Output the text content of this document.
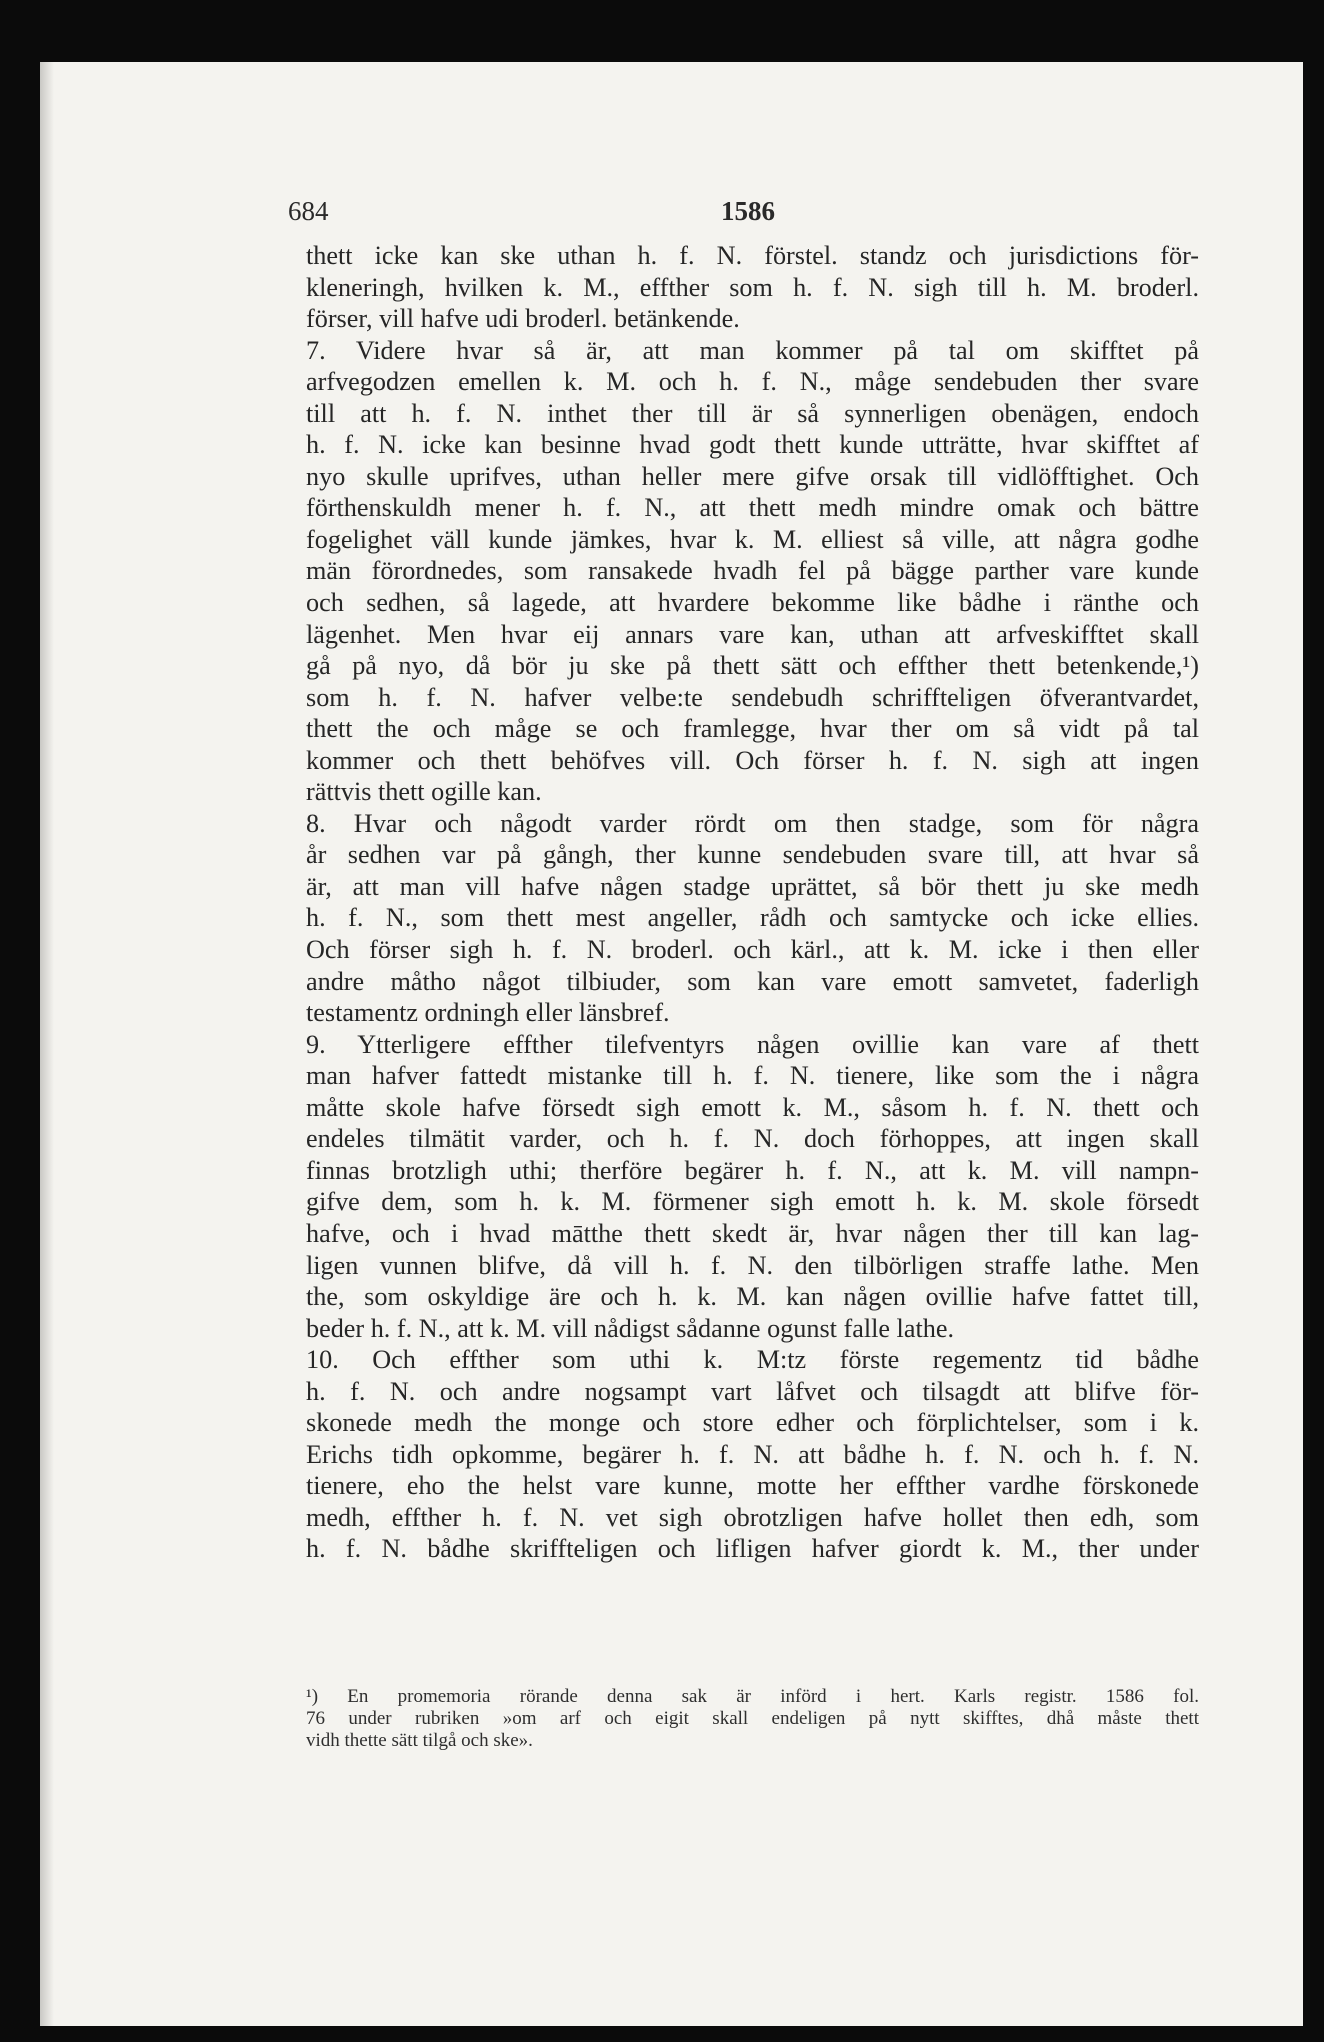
684	1586
thett icke kan ske uthan h. f. N. förstel. standz och jurisdictions för-
kleneringh, hvilken k. M., effther som h. f. N. sigh till h. M. broderl.
förser, vill hafve udi broderl. betänkende.
7. Videre hvar så är, att man kommer på tal om skifftet på
arfvegodzen emellen k. M. och h. f. N., måge sendebuden ther svare
till att h. f. N. inthet ther till är så synnerligen obenägen, endoch
h. f. N. icke kan besinne hvad godt thett kunde utträtte, hvar skifftet af
nyo skulle uprifves, uthan heller mere gifve orsak till vidlöfftighet. Och
förthenskuldh mener h. f. N., att thett medh mindre omak och bättre
fogelighet väll kunde jämkes, hvar k. M. elliest så ville, att några godhe
män förordnedes, som ransakede hvadh fel på bägge parther vare kunde
och sedhen, så lagede, att hvardere bekomme like bådhe i ränthe och
lägenhet. Men hvar eij annars vare kan, uthan att arfveskifftet skall
gå på nyo, då bör ju ske på thett sätt och effther thett betenkende,¹)
som h. f. N. hafver velbe:te sendebudh schriffteligen öfverantvardet,
thett the och måge se och framlegge, hvar ther om så vidt på tal
kommer och thett behöfves vill. Och förser h. f. N. sigh att ingen
rättvis thett ogille kan.
8. Hvar och någodt varder rördt om then stadge, som för några
år sedhen var på gångh, ther kunne sendebuden svare till, att hvar så
är, att man vill hafve någen stadge uprättet, så bör thett ju ske medh
h. f. N., som thett mest angeller, rådh och samtycke och icke ellies.
Och förser sigh h. f. N. broderl. och kärl., att k. M. icke i then eller
andre måtho något tilbiuder, som kan vare emott samvetet, faderligh
testamentz ordningh eller länsbref.
9. Ytterligere effther tilefventyrs någen ovillie kan vare af thett
man hafver fattedt mistanke till h. f. N. tienere, like som the i några
måtte skole hafve försedt sigh emott k. M., såsom h. f. N. thett och
endeles tilmätit varder, och h. f. N. doch förhoppes, att ingen skall
finnas brotzligh uthi; therföre begärer h. f. N., att k. M. vill nampn-
gifve dem, som h. k. M. förmener sigh emott h. k. M. skole försedt
hafve, och i hvad mātthe thett skedt är, hvar någen ther till kan lag-
ligen vunnen blifve, då vill h. f. N. den tilbörligen straffe lathe. Men
the, som oskyldige äre och h. k. M. kan någen ovillie hafve fattet till,
beder h. f. N., att k. M. vill nådigst sådanne ogunst falle lathe.
10. Och effther som uthi k. M:tz förste regementz tid bådhe
h. f. N. och andre nogsampt vart låfvet och tilsagdt att blifve för-
skonede medh the monge och store edher och förplichtelser, som i k.
Erichs tidh opkomme, begärer h. f. N. att bådhe h. f. N. och h. f. N.
tienere, eho the helst vare kunne, motte her effther vardhe förskonede
medh, effther h. f. N. vet sigh obrotzligen hafve hollet then edh, som
h. f. N. bådhe skriffteligen och lifligen hafver giordt k. M., ther under
¹) En promemoria rörande denna sak är införd i hert. Karls registr. 1586 fol.
76 under rubriken »om arf och eigit skall endeligen på nytt skifftes, dhå måste thett
vidh thette sätt tilgå och ske».
